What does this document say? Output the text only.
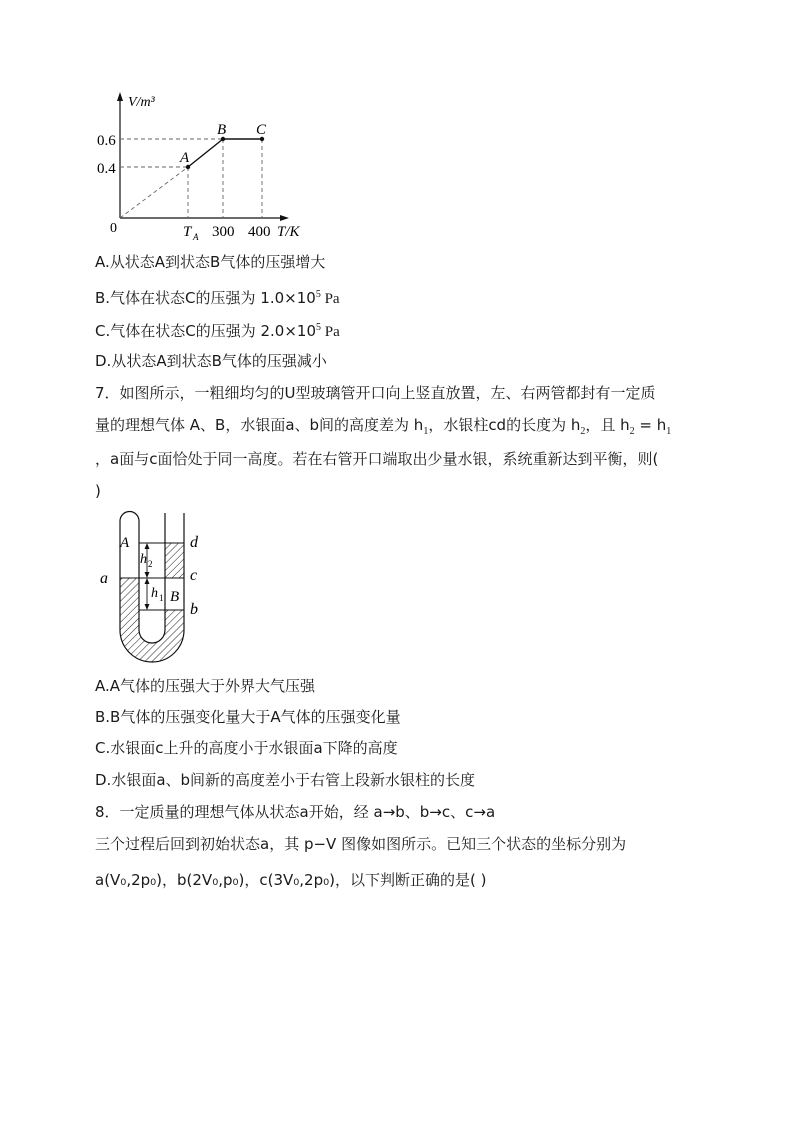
V/m³
0.6
0.4
0	T A 300 400 T/K
A
B C
A
B
a
b
c
d
h 2
h 1
A.从状态A到状态B气体的压强增大
B.气体在状态C的压强为 $1.0\times 10^5$ Pa
C.气体在状态C的压强为 $2.0\times 10^5$ Pa
D.从状态A到状态B气体的压强减小
7．如图所示，一粗细均匀的U型玻璃管开口向上竖直放置，左、右两管都封有一定质
量的理想气体 A、B，水银面a、b间的高度差为 $h_1$，水银柱cd的长度为 $h_2$，且 $h_2 = h_1$
，a面与c面恰处于同一高度。若在右管开口端取出少量水银，系统重新达到平衡，则(
)
A.A气体的压强大于外界大气压强
B.B气体的压强变化量大于A气体的压强变化量
C.水银面c上升的高度小于水银面a下降的高度
D.水银面a、b间新的高度差小于右管上段新水银柱的长度
8．一定质量的理想气体从状态a开始，经 a→b、b→c、c→a
三个过程后回到初始状态a，其 p−V 图像如图所示。已知三个状态的坐标分别为
a(V₀,2p₀)，b(2V₀,p₀)，c(3V₀,2p₀)，以下判断正确的是( )
